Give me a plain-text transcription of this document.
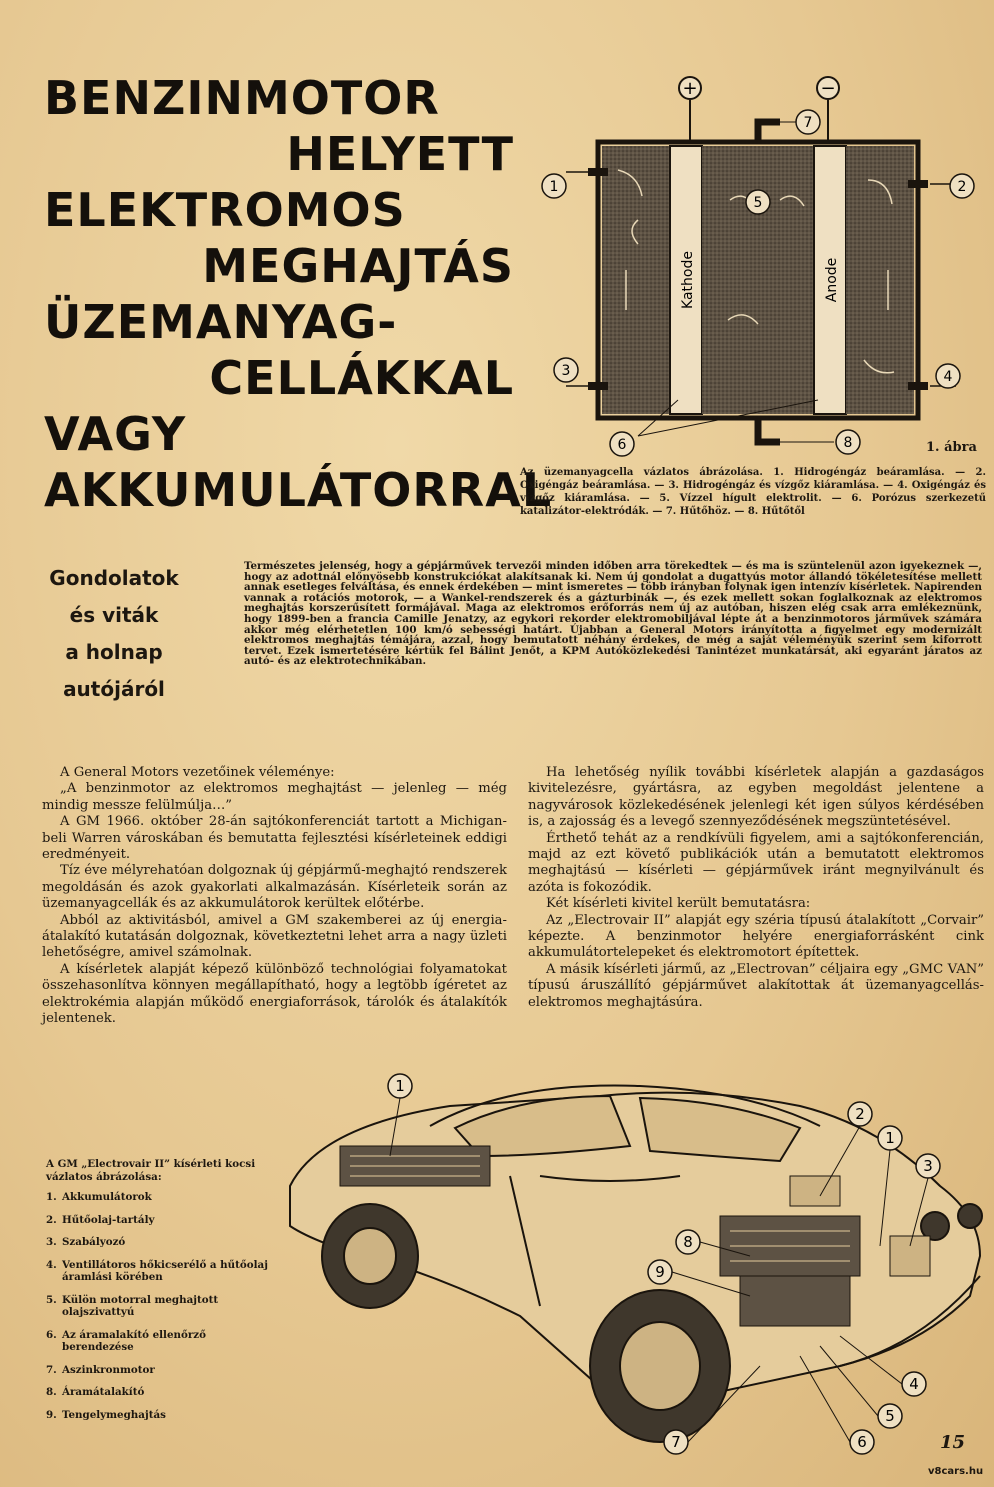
BENZINMOTOR
HELYETT
ELEKTROMOS
MEGHAJTÁS
ÜZEMANYAG-
CELLÁKKAL
VAGY
AKKUMULÁTORRAL
+	−
Kathode	Anode
1	2
3	4
5
6
7
8	1. ábra
Az üzemanyagcella vázlatos ábrázolása. 1. Hidrogéngáz beáramlása. — 2. Oxigéngáz beáramlása. — 3. Hidrogéngáz és vízgőz kiáramlása. — 4. Oxigéngáz és vízgőz kiáramlása. — 5. Vízzel hígult elektrolit. — 6. Porózus szerkezetű katalizátor-elektródák. — 7. Hűtőhöz. — 8. Hűtőtől
Gondolatok
és viták
a holnap
autójáról
Természetes jelenség, hogy a gépjárművek tervezői minden időben arra törekedtek — és ma is szüntelenül azon igyekeznek —, hogy az adottnál előnyösebb konstrukciókat alakítsanak ki. Nem új gondolat a dugattyús motor állandó tökéletesítése mellett annak esetleges felváltása, és ennek érdekében — mint ismeretes — több irányban folynak igen intenzív kísérletek. Napirenden vannak a rotációs motorok, — a Wankel-rendszerek és a gázturbinák —, és ezek mellett sokan foglalkoznak az elektromos meghajtás korszerűsített formájával. Maga az elektromos erőforrás nem új az autóban, hiszen elég csak arra emlékeznünk, hogy 1899-ben a francia Camille Jenatzy, az egykori rekorder elektromobiljával lépte át a benzinmotoros járművek számára akkor még elérhetetlen 100 km/ó sebességi határt. Újabban a General Motors irányította a figyelmet egy modernizált elektromos meghajtás témájára, azzal, hogy bemutatott néhány érdekes, de még a saját véleményük szerint sem kiforrott tervet. Ezek ismertetésére kértük fel Bálint Jenőt, a KPM Autóközlekedési Tanintézet munkatársát, aki egyaránt járatos az autó- és az elektrotechnikában.

A General Motors vezetőinek véleménye:

„A benzinmotor az elektromos meghajtást — jelenleg — még mindig messze felülmúlja…”

A GM 1966. október 28-án sajtókonferenciát tartott a Michigan-beli Warren városkában és bemutatta fejlesztési kísérleteinek eddigi eredményeit.

Tíz éve mélyrehatóan dolgoznak új gépjármű-meghajtó rendszerek megoldásán és azok gyakorlati alkalmazásán. Kísérleteik során az üzemanyagcellák és az akkumulátorok kerültek előtérbe.

Abból az aktivitásból, amivel a GM szakemberei az új energia-átalakító kutatásán dolgoznak, következtetni lehet arra a nagy üzleti lehetőségre, amivel számolnak.

A kísérletek alapját képező különböző technológiai folyamatokat összehasonlítva könnyen megállapítható, hogy a legtöbb ígéretet az elektrokémia alapján működő energiaforrások, tárolók és átalakítók jelentenek.

Ha lehetőség nyílik további kísérletek alapján a gazdaságos kivitelezésre, gyártásra, az egyben megoldást jelentene a nagyvárosok közlekedésének jelenlegi két igen súlyos kérdésében is, a zajosság és a levegő szennyeződésének megszüntetésével.

Érthető tehát az a rendkívüli figyelem, ami a sajtókonferencián, majd az ezt követő publikációk után a bemutatott elektromos meghajtású — kísérleti — gépjárművek iránt megnyilvánult és azóta is fokozódik.

Két kísérleti kivitel került bemutatásra:

Az „Electrovair II” alapját egy széria típusú átalakított „Corvair” képezte. A benzinmotor helyére energiaforrásként cink akkumulátortelepeket és elektromotort építettek.

A másik kísérleti jármű, az „Electrovan” céljaira egy „GMC VAN” típusú áruszállító gépjárművet alakítottak át üzemanyagcellás-elektromos meghajtásúra.

A GM „Electrovair II” kísérleti kocsi vázlatos ábrázolása:
1. Akkumulátorok
2. Hűtőolaj-tartály
3. Szabályozó
4. Ventillátoros hőkicserélő a hűtőolaj áramlási körében
5. Külön motorral meghajtott olajszivattyú
6. Az áramalakító ellenőrző berendezése
7. Aszinkronmotor
8. Áramátalakító
9. Tengelymeghajtás
1
2
1
3
8
9
4
5
6
7	15
v8cars.hu
